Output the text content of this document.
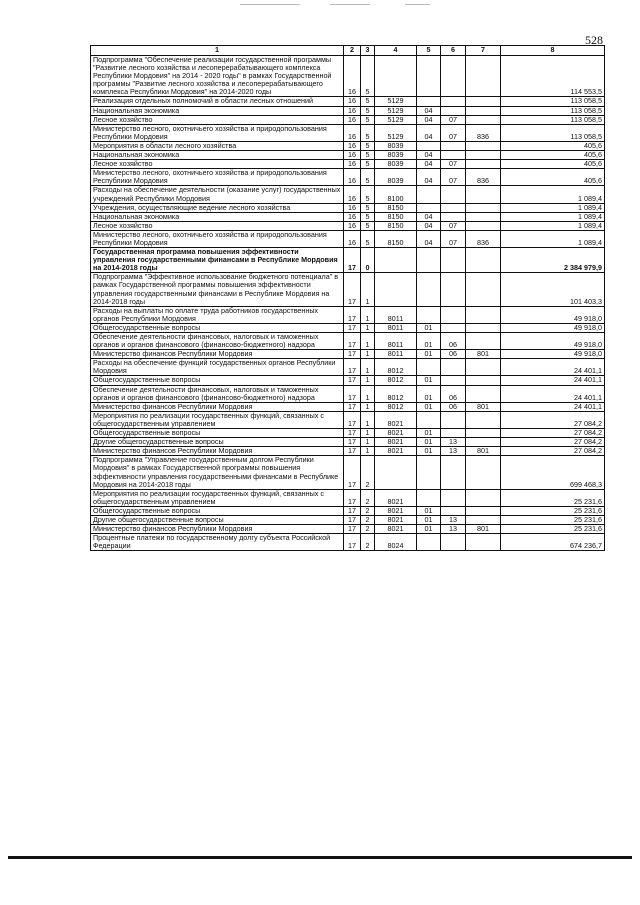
528
1	2	3	4	5	6	7	8
Подпрограмма "Обеспечение реализации государственной программы "Развитие лесного хозяйства и лесоперерабатывающего комплекса Республики Мордовия" на 2014 - 2020 годы" в рамках Государственной программы "Развитие лесного хозяйства и лесоперерабатывающего комплекса Республики Мордовия" на 2014-2020 годы	16	5					114 553,5
Реализация отдельных полномочий в области лесных отношений	16	5	5129				113 058,5
Национальная экономика	16	5	5129	04			113 058,5
Лесное хозяйство	16	5	5129	04	07		113 058,5
Министерство лесного, охотничьего хозяйства и природопользования Республики Мордовия	16	5	5129	04	07	836	113 058,5
Мероприятия в области лесного хозяйства	16	5	8039				405,6
Национальная экономика	16	5	8039	04			405,6
Лесное хозяйство	16	5	8039	04	07		405,6
Министерство лесного, охотничьего хозяйства и природопользования Республики Мордовия	16	5	8039	04	07	836	405,6
Расходы на обеспечение деятельности (оказание услуг) государственных учреждений Республики Мордовия	16	5	8100				1 089,4
Учреждения, осуществляющие ведение лесного хозяйства	16	5	8150				1 089,4
Национальная экономика	16	5	8150	04			1 089,4
Лесное хозяйство	16	5	8150	04	07		1 089,4
Министерство лесного, охотничьего хозяйства и природопользования Республики Мордовия	16	5	8150	04	07	836	1 089,4
Государственная программа повышения эффективности управления государственными финансами в Республике Мордовия на 2014-2018 годы	17	0					2 384 979,9
Подпрограмма "Эффективное использование бюджетного потенциала" в рамках Государственной программы повышения эффективности управления государственными финансами в Республике Мордовия на 2014-2018 годы	17	1					101 403,3
Расходы на выплаты по оплате труда работников государственных органов Республики Мордовия	17	1	8011				49 918,0
Общегосударственные вопросы	17	1	8011	01			49 918,0
Обеспечение деятельности финансовых, налоговых и таможенных органов и органов финансового (финансово-бюджетного) надзора	17	1	8011	01	06		49 918,0
Министерство финансов Республики Мордовия	17	1	8011	01	06	801	49 918,0
Расходы на обеспечение функций государственных органов Республики Мордовия	17	1	8012				24 401,1
Общегосударственные вопросы	17	1	8012	01			24 401,1
Обеспечение деятельности финансовых, налоговых и таможенных органов и органов финансового (финансово-бюджетного) надзора	17	1	8012	01	06		24 401,1
Министерство финансов Республики Мордовия	17	1	8012	01	06	801	24 401,1
Мероприятия по реализации государственных функций, связанных с общегосударственным управлением	17	1	8021				27 084,2
Общегосударственные вопросы	17	1	8021	01			27 084,2
Другие общегосударственные вопросы	17	1	8021	01	13		27 084,2
Министерство финансов Республики Мордовия	17	1	8021	01	13	801	27 084,2
Подпрограмма "Управление государственным долгом Республики Мордовия" в рамках Государственной программы повышения эффективности управления государственными финансами в Республике Мордовия на 2014-2018 годы	17	2					699 468,3
Мероприятия по реализации государственных функций, связанных с общегосударственным управлением	17	2	8021				25 231,6
Общегосударственные вопросы	17	2	8021	01			25 231,6
Другие общегосударственные вопросы	17	2	8021	01	13		25 231,6
Министерство финансов Республики Мордовия	17	2	8021	01	13	801	25 231,6
Процентные платежи по государственному долгу субъекта Российской Федерации	17	2	8024				674 236,7
